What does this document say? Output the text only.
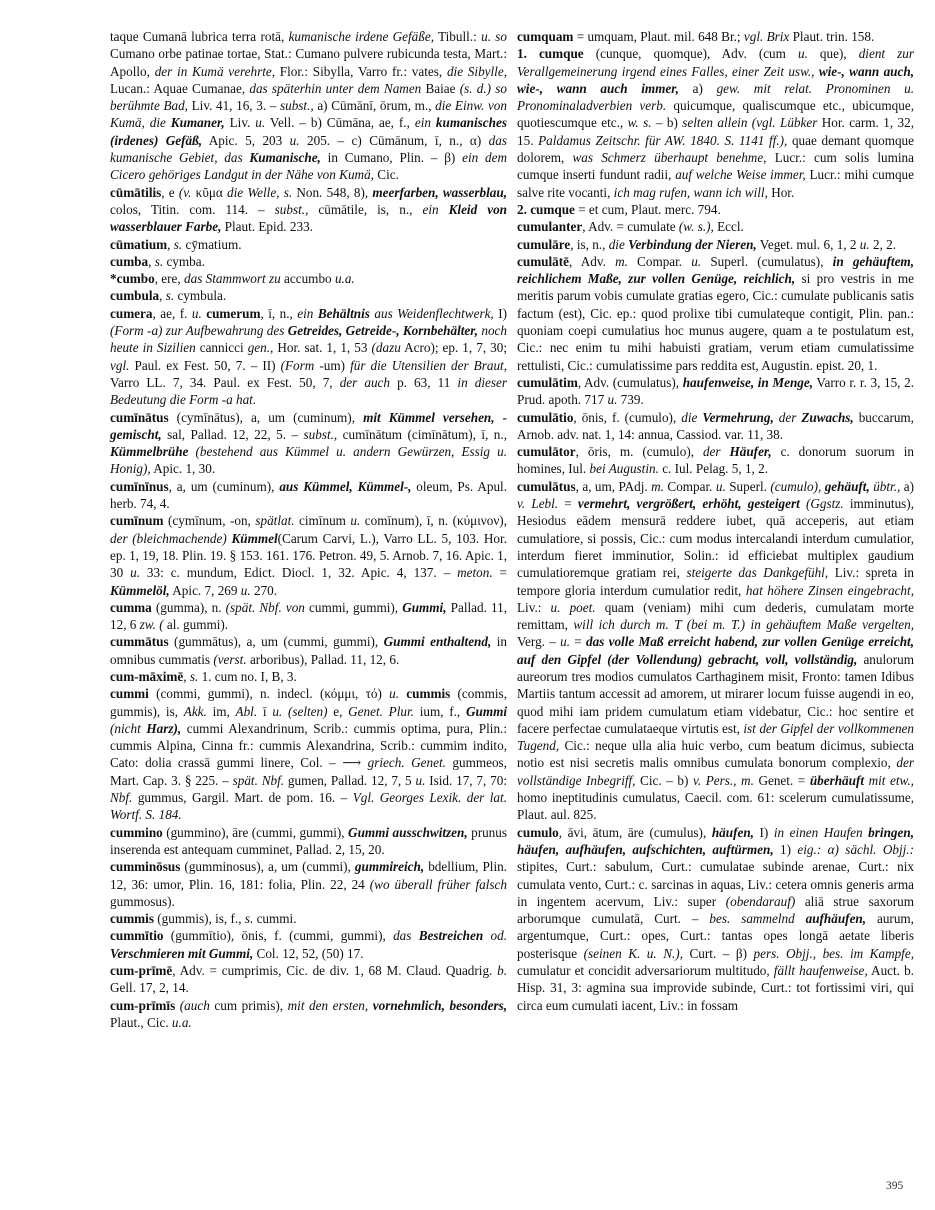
taque Cumanā lubrica terra rotā, kumanische irdene Gefäße, Tibull.: u. so Cumano orbe patinae tortae, Stat.: Cumano pulvere rubicunda testa, Mart.: Apollo, der in Kumä verehrte, Flor.: Sibylla, Varro fr.: vates, die Sibylle, Lucan.: Aquae Cumanae, das späterhin unter dem Namen Baiae (s. d.) so berühmte Bad, Liv. 41, 16, 3. – subst., a) Cūmānī, ōrum, m., die Einw. von Kumä, die Kumaner, Liv. u. Vell. – b) Cūmāna, ae, f., ein kumanisches (irdenes) Gefäß, Apic. 5, 203 u. 205. – c) Cūmānum, ī, n., α) das kumanische Gebiet, das Kumanische, in Cumano, Plin. – β) ein dem Cicero gehöriges Landgut in der Nähe von Kumä, Cic.
cūmātilis, e (v. κῦμα die Welle, s. Non. 548, 8), meerfarben, wasserblau, colos, Titin. com. 114. – subst., cūmātile, is, n., ein Kleid von wasserblauer Farbe, Plaut. Epid. 233.
cūmatium, s. cȳmatium.
cumba, s. cymba.
*cumbo, ere, das Stammwort zu accumbo u.a.
cumbula, s. cymbula.
cumera, ae, f. u. cumerum, ī, n., ein Behältnis aus Weidenflechtwerk, I) (Form -a) zur Aufbewahrung des Getreides, Getreide-, Kornbehälter, noch heute in Sizilien cannicci gen., Hor. sat. 1, 1, 53 (dazu Acro); ep. 1, 7, 30; vgl. Paul. ex Fest. 50, 7. – II) (Form -um) für die Utensilien der Braut, Varro LL. 7, 34. Paul. ex Fest. 50, 7, der auch p. 63, 11 in dieser Bedeutung die Form -a hat.
cumīnātus (cymīnātus), a, um (cuminum), mit Kümmel versehen, -gemischt, sal, Pallad. 12, 22, 5. – subst., cumīnātum (cimīnātum), ī, n., Kümmelbrühe (bestehend aus Kümmel u. andern Gewürzen, Essig u. Honig), Apic. 1, 30.
cumīnīnus, a, um (cuminum), aus Kümmel, Kümmel-, oleum, Ps. Apul. herb. 74, 4.
cumīnum (cymīnum, -on, spätlat. cimīnum u. comīnum), ī, n. (κύμινον), der (bleichmachende) Kümmel(Carum Carvi, L.), Varro LL. 5, 103. Hor. ep. 1, 19, 18. Plin. 19. § 153. 161. 176. Petron. 49, 5. Arnob. 7, 16. Apic. 1, 30 u. 33: c. mundum, Edict. Diocl. 1, 32. Apic. 4, 137. – meton. = Kümmelöl, Apic. 7, 269 u. 270.
cumma (gumma), n. (spät. Nbf. von cummi, gummi), Gummi, Pallad. 11, 12, 6 zw. ( al. gummi).
cummātus (gummātus), a, um (cummi, gummi), Gummi enthaltend, in omnibus cummatis (verst. arboribus), Pallad. 11, 12, 6.
cum-māximē, s. 1. cum no. I, B, 3.
cummi (commi, gummi), n. indecl. (κόμμι, τό) u. cummis (commis, gummis), is, Akk. im, Abl. ī u. (selten) e, Genet. Plur. ium, f., Gummi (nicht Harz), cummi Alexandrinum, Scrib.: cummis optima, pura, Plin.: cummis Alpina, Cinna fr.: cummis Alexandrina, Scrib.: cummim indito, Cato: dolia crassā gummi linere, Col. – ⟶ griech. Genet. gummeos, Mart. Cap. 3. § 225. – spät. Nbf. gumen, Pallad. 12, 7, 5 u. Isid. 17, 7, 70: Nbf. gummus, Gargil. Mart. de pom. 16. – Vgl. Georges Lexik. der lat. Wortf. S. 184.
cummino (gummino), āre (cummi, gummi), Gummi ausschwitzen, prunus inserenda est antequam cumminet, Pallad. 2, 15, 20.
cumminōsus (gumminosus), a, um (cummi), gummireich, bdellium, Plin. 12, 36: umor, Plin. 16, 181: folia, Plin. 22, 24 (wo überall früher falsch gummosus).
cummis (gummis), is, f., s. cummi.
cummītio (gummītio), ōnis, f. (cummi, gummi), das Bestreichen od. Verschmieren mit Gummi, Col. 12, 52, (50) 17.
cum-prīmē, Adv. = cumprimis, Cic. de div. 1, 68 M. Claud. Quadrig. b. Gell. 17, 2, 14.
cum-prīmīs (auch cum primis), mit den ersten, vornehmlich, besonders, Plaut., Cic. u.a.
cumquam = umquam, Plaut. mil. 648 Br.; vgl. Brix Plaut. trin. 158.
1. cumque (cunque, quomque), Adv. (cum u. que), dient zur Verallgemeinerung irgend eines Falles, einer Zeit usw., wie-, wann auch, wie-, wann auch immer, a) gew. mit relat. Pronominen u. Pronominaladverbien verb. quicumque, qualiscumque etc., ubicumque, quotiescumque etc., w. s. – b) selten allein (vgl. Lübker Hor. carm. 1, 32, 15. Paldamus Zeitschr. für AW. 1840. S. 1141 ff.), quae demant quomque dolorem, was Schmerz überhaupt benehme, Lucr.: cum solis lumina cumque inserti fundunt radii, auf welche Weise immer, Lucr.: mihi cumque salve rite vocanti, ich mag rufen, wann ich will, Hor.
2. cumque = et cum, Plaut. merc. 794.
cumulanter, Adv. = cumulate (w. s.), Eccl.
cumulāre, is, n., die Verbindung der Nieren, Veget. mul. 6, 1, 2 u. 2, 2.
cumulātē, Adv. m. Compar. u. Superl. (cumulatus), in gehäuftem, reichlichem Maße, zur vollen Genüge, reichlich, si pro vestris in me meritis parum vobis cumulate gratias egero, Cic.: cumulate publicanis satis factum (est), Cic. ep.: quod prolixe tibi cumulateque contigit, Plin. pan.: quoniam coepi cumulatius hoc munus augere, quam a te postulatum est, Cic.: nec enim tu mihi habuisti gratiam, verum etiam cumulatissime rettulisti, Cic.: cumulatissime pars reddita est, Augustin. epist. 20, 1.
cumulātim, Adv. (cumulatus), haufenweise, in Menge, Varro r. r. 3, 15, 2. Prud. apoth. 717 u. 739.
cumulātio, ōnis, f. (cumulo), die Vermehrung, der Zuwachs, buccarum, Arnob. adv. nat. 1, 14: annua, Cassiod. var. 11, 38.
cumulātor, ōris, m. (cumulo), der Häufer, c. donorum suorum in homines, Iul. bei Augustin. c. Iul. Pelag. 5, 1, 2.
cumulātus, a, um, PAdj. m. Compar. u. Superl. (cumulo), gehäuft, übtr., a) v. Lebl. = vermehrt, vergrößert, erhöht, gesteigert (Ggstz. imminutus), Hesiodus eādem mensurā reddere iubet, quā acceperis, aut etiam cumulatiore, si possis, Cic.: cum modus intercalandi interdum cumulatior, interdum fieret imminutior, Solin.: id efficiebat multiplex gaudium cumulatioremque gratiam rei, steigerte das Dankgefühl, Liv.: spreta in tempore gloria interdum cumulatior redit, hat höhere Zinsen eingebracht, Liv.: u. poet. quam (veniam) mihi cum dederis, cumulatam morte remittam, will ich durch m. T (bei m. T.) in gehäuftem Maße vergelten, Verg. – u. = das volle Maß erreicht habend, zur vollen Genüge erreicht, auf den Gipfel (der Vollendung) gebracht, voll, vollständig, anulorum aureorum tres modios cumulatos Carthaginem misit, Fronto: tamen Idibus Martiis tantum accessit ad amorem, ut mirarer locum fuisse augendi in eo, quod mihi iam pridem cumulatum etiam videbatur, Cic.: hoc sentire et facere perfectae cumulataeque virtutis est, ist der Gipfel der vollkommenen Tugend, Cic.: neque ulla alia huic verbo, cum beatum dicimus, subiecta notio est nisi secretis malis omnibus cumulata bonorum complexio, der vollständige Inbegriff, Cic. – b) v. Pers., m. Genet. = überhäuft mit etw., homo ineptitudinis cumulatus, Caecil. com. 61: scelerum cumulatissume, Plaut. aul. 825.
cumulo, āvi, ātum, āre (cumulus), häufen, I) in einen Haufen bringen, häufen, aufhäufen, aufschichten, auftürmen, 1) eig.: α) sächl. Objj.: stipites, Curt.: sabulum, Curt.: cumulatae subinde arenae, Curt.: nix cumulata vento, Curt.: c. sarcinas in aquas, Liv.: cetera omnis generis arma in ingentem acervum, Liv.: super (obendarauf) aliā strue saxorum arborumque cumulatā, Curt. – bes. sammelnd aufhäufen, aurum, argentumque, Curt.: opes, Curt.: tantas opes longā aetate liberis posterisque (seinen K. u. N.), Curt. – β) pers. Objj., bes. im Kampfe, cumulatur et concidit adversariorum multitudo, fällt haufenweise, Auct. b. Hisp. 31, 3: agmina sua improvide subinde, Curt.: tot fortissimi viri, qui circa eum cumulati iacent, Liv.: in fossam
395
